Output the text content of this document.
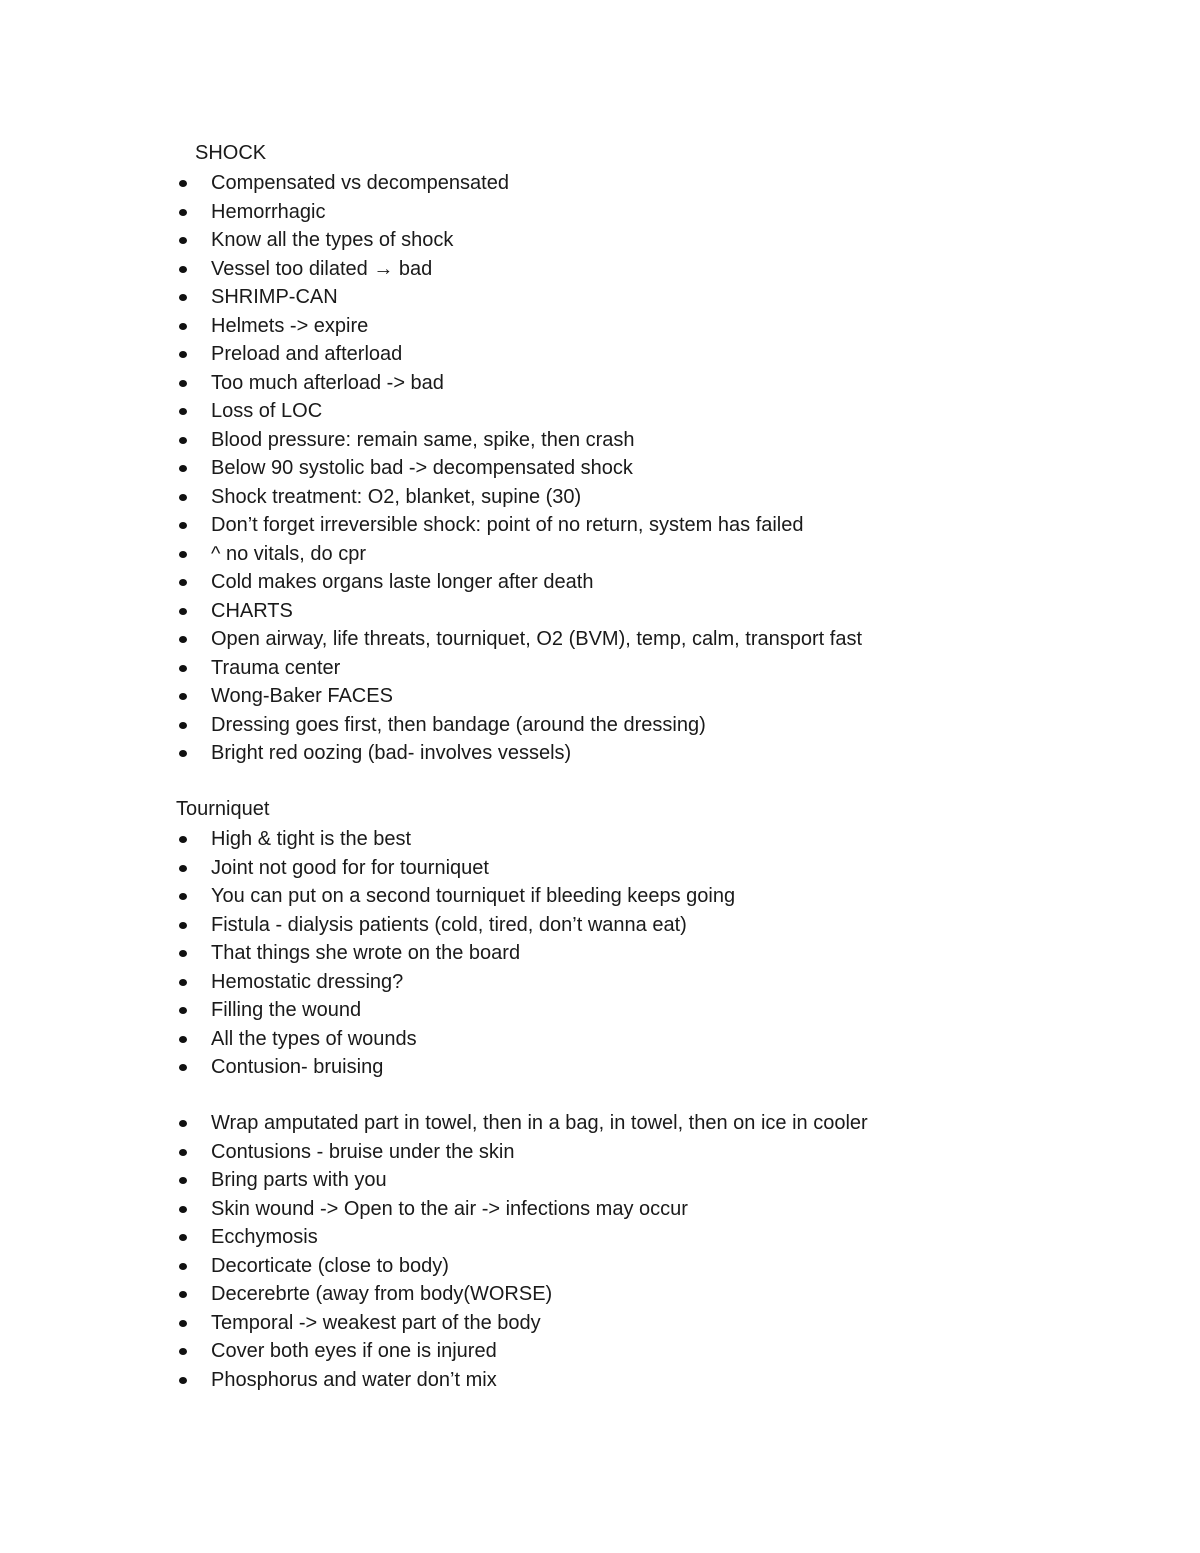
SHOCK
Compensated vs decompensated
Hemorrhagic
Know all the types of shock
Vessel too dilated → bad
SHRIMP-CAN
Helmets -> expire
Preload and afterload
Too much afterload -> bad
Loss of LOC
Blood pressure: remain same, spike, then crash
Below 90 systolic bad -> decompensated shock
Shock treatment: O2, blanket, supine (30)
Don’t forget irreversible shock: point of no return, system has failed
^ no vitals, do cpr
Cold makes organs laste longer after death
CHARTS
Open airway, life threats, tourniquet, O2 (BVM), temp, calm, transport fast
Trauma center
Wong-Baker FACES
Dressing goes first, then bandage (around the dressing)
Bright red oozing (bad- involves vessels)
Tourniquet
High & tight is the best
Joint not good for for tourniquet
You can put on a second tourniquet if bleeding keeps going
Fistula - dialysis patients (cold, tired, don’t wanna eat)
That things she wrote on the board
Hemostatic dressing?
Filling the wound
All the types of wounds
Contusion- bruising
Wrap amputated part in towel, then in a bag, in towel, then on ice in cooler
Contusions - bruise under the skin
Bring parts with you
Skin wound -> Open to the air -> infections may occur
Ecchymosis
Decorticate (close to body)
Decerebrte (away from body(WORSE)
Temporal -> weakest part of the body
Cover both eyes if one is injured
Phosphorus and water don’t mix
